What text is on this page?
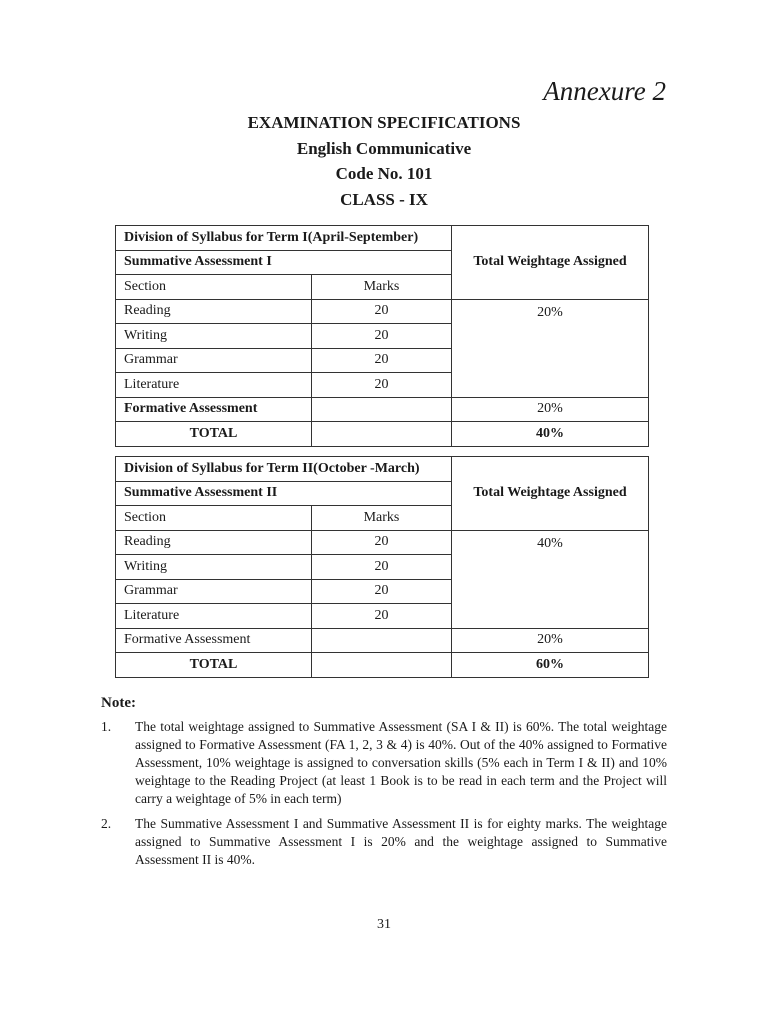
Annexure 2
EXAMINATION SPECIFICATIONS
English Communicative
Code No. 101
CLASS - IX
Division of Syllabus for Term I(April-September)		Total Weightage Assigned
Summative Assessment I		
Section	Marks	
Reading	20	20%
Writing	20	
Grammar	20	
Literature	20	
Formative Assessment		20%
TOTAL		40%
Division of Syllabus for Term II(October -March)		Total Weightage Assigned
Summative Assessment II		
Section	Marks	
Reading	20	40%
Writing	20	
Grammar	20	
Literature	20	
Formative Assessment		20%
TOTAL		60%
Note:
1.	The total weightage assigned to Summative Assessment (SA I & II) is 60%. The total weightage assigned to Formative Assessment (FA 1, 2, 3 & 4) is 40%. Out of the 40% assigned to Formative Assessment, 10% weightage is assigned to conversation skills (5% each in Term I & II) and 10% weightage to the Reading Project (at least 1 Book is to be read in each term and the Project will carry a weightage of 5% in each term)
2.	The Summative Assessment I and Summative Assessment II is for eighty marks. The weightage assigned to Summative Assessment I is 20% and the weightage assigned to Summative Assessment II is 40%.
31
